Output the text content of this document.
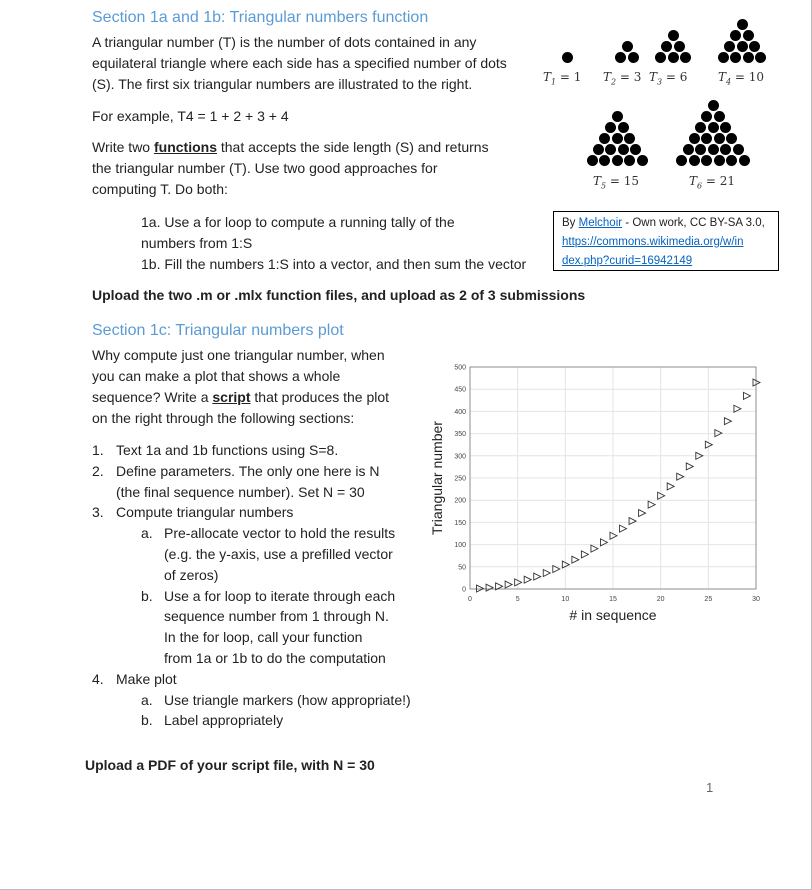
Section 1a and 1b: Triangular numbers function
A triangular number (T) is the number of dots contained in any
equilateral triangle where each side has a specified number of dots
(S). The first six triangular numbers are illustrated to the right.
For example, T4 = 1 + 2 + 3 + 4
Write two functions that accepts the side length (S) and returns
the triangular number (T). Use two good approaches for
computing T. Do both:
1a. Use a for loop to compute a running tally of the
numbers from 1:S
1b. Fill the numbers 1:S into a vector, and then sum the vector
Upload the two .m or .mlx function files, and upload as 2 of 3 submissions
$T_1 = 1$ $T_2 = 3$ $T_3 = 6$	$T_4 = 10$
$T_5 = 15$	$T_6 = 21$
By Melchoir - Own work, CC BY-SA 3.0,
https://commons.wikimedia.org/w/in
dex.php?curid=16942149
Section 1c: Triangular numbers plot
Why compute just one triangular number, when
you can make a plot that shows a whole
sequence? Write a script that produces the plot
on the right through the following sections:
1. Text 1a and 1b functions using S=8.
2. Define parameters. The only one here is N
(the final sequence number). Set N = 30
3. Compute triangular numbers
a. Pre-allocate vector to hold the results
(e.g. the y-axis, use a prefilled vector
of zeros)
b. Use a for loop to iterate through each
sequence number from 1 through N.
In the for loop, call your function
from 1a or 1b to do the computation
4. Make plot
a. Use triangle markers (how appropriate!)
b. Label appropriately
Upload a PDF of your script file, with N = 30
1
0	5	10	15	20	25	30
0
50
100
150
200
250
300
350
400
450
500
# in sequence
Triangular number
